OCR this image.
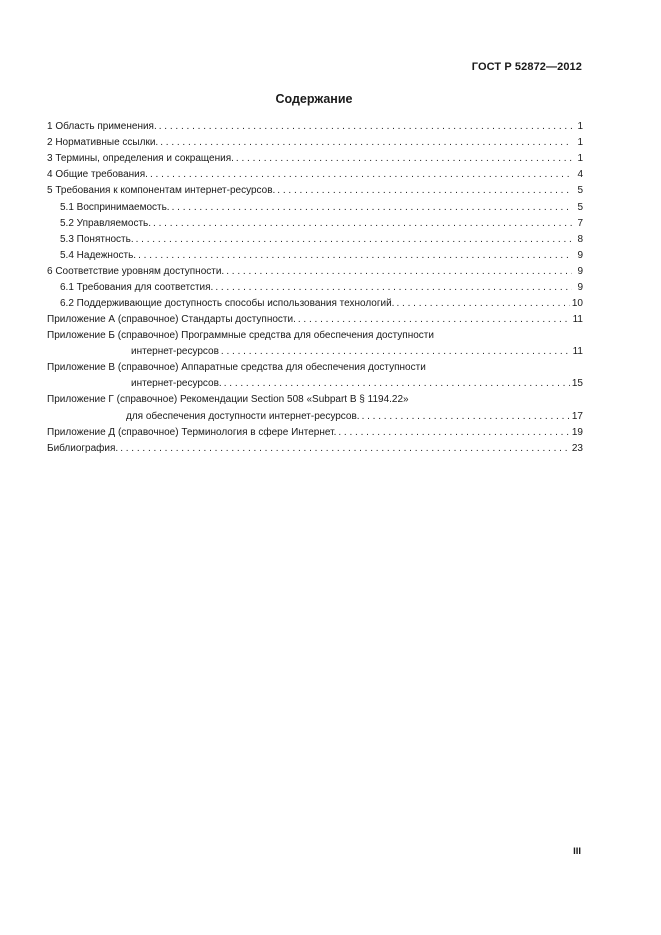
ГОСТ Р 52872—2012
Содержание
1 Область применения. . . .	1
2 Нормативные ссылки. . . .	1
3 Термины, определения и сокращения. . . .	1
4 Общие требования. . . .	4
5 Требования к компонентам интернет-ресурсов. . . .	5
5.1 Воспринимаемость. . . .	5
5.2 Управляемость. . . .	7
5.3 Понятность. . . .	8
5.4 Надежность. . . .	9
6 Соответствие уровням доступности. . . .	9
6.1 Требования для соответстия. . . .	9
6.2 Поддерживающие доступность способы использования технологий. . . .	10
Приложение А (справочное) Стандарты доступности. . . .	11
Приложение Б (справочное) Программные средства для обеспечения доступности
интернет-ресурсов . . .	11
Приложение В (справочное) Аппаратные средства для обеспечения доступности
интернет-ресурсов. . . .	15
Приложение Г (справочное) Рекомендации Section 508 «Subpart B § 1194.22»
для обеспечения доступности интернет-ресурсов. . . .	17
Приложение Д (справочное) Терминология в сфере Интернет. . . .	19
Библиография. . . .	23
III
